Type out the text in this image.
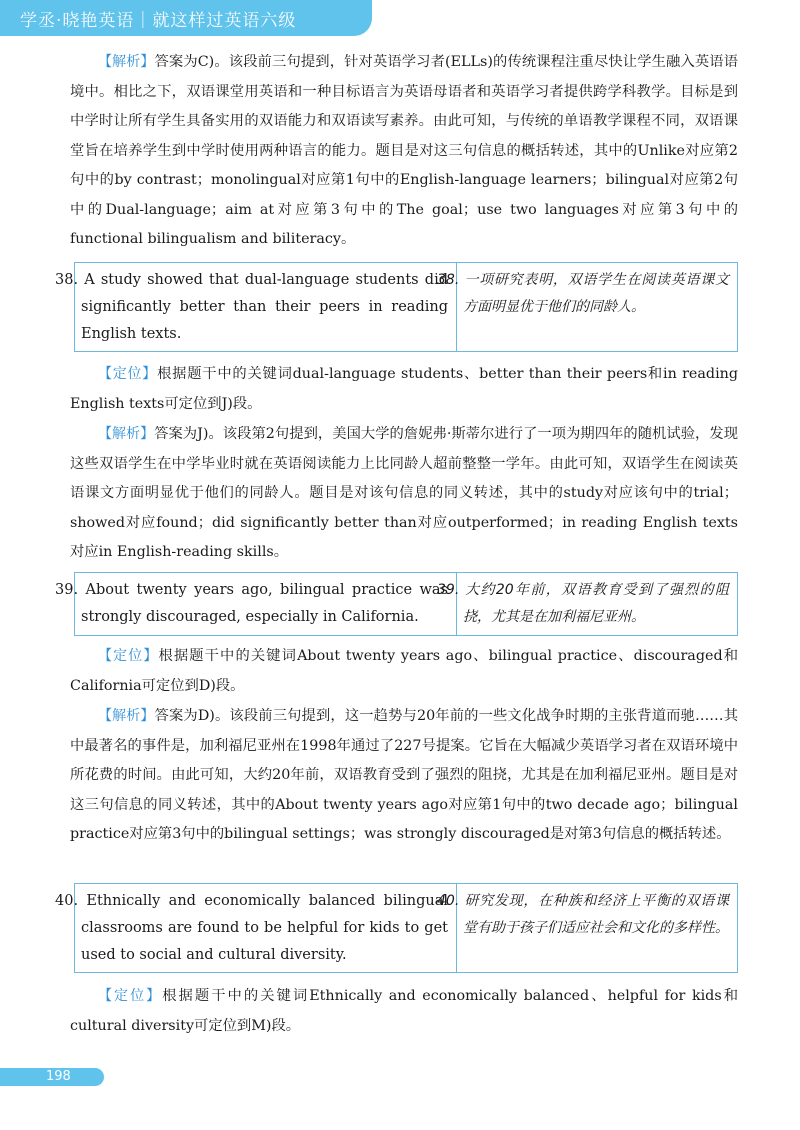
学丞·晓艳英语｜就这样过英语六级

【解析】答案为C)。该段前三句提到，针对英语学习者(ELLs)的传统课程注重尽快让学生融入英语语境中。相比之下，双语课堂用英语和一种目标语言为英语母语者和英语学习者提供跨学科教学。目标是到中学时让所有学生具备实用的双语能力和双语读写素养。由此可知，与传统的单语教学课程不同，双语课堂旨在培养学生到中学时使用两种语言的能力。题目是对这三句信息的概括转述，其中的Unlike对应第2句中的by contrast；monolingual对应第1句中的English-language learners；bilingual对应第2句中的Dual-language；aim at对应第3句中的The goal；use two languages对应第3句中的functional bilingualism and biliteracy。

38. A study showed that dual-language students did significantly better than their peers in reading English texts.
38. 一项研究表明，双语学生在阅读英语课文方面明显优于他们的同龄人。

【定位】根据题干中的关键词dual-language students、better than their peers和in reading English texts可定位到J)段。

【解析】答案为J)。该段第2句提到，美国大学的詹妮弗·斯蒂尔进行了一项为期四年的随机试验，发现这些双语学生在中学毕业时就在英语阅读能力上比同龄人超前整整一学年。由此可知，双语学生在阅读英语课文方面明显优于他们的同龄人。题目是对该句信息的同义转述，其中的study对应该句中的trial；showed对应found；did significantly better than对应outperformed；in reading English texts对应in English-reading skills。

39. About twenty years ago, bilingual practice was strongly discouraged, especially in California.
39. 大约20年前，双语教育受到了强烈的阻挠，尤其是在加利福尼亚州。

【定位】根据题干中的关键词About twenty years ago、bilingual practice、discouraged和California可定位到D)段。

【解析】答案为D)。该段前三句提到，这一趋势与20年前的一些文化战争时期的主张背道而驰……其中最著名的事件是，加利福尼亚州在1998年通过了227号提案。它旨在大幅减少英语学习者在双语环境中所花费的时间。由此可知，大约20年前，双语教育受到了强烈的阻挠，尤其是在加利福尼亚州。题目是对这三句信息的同义转述，其中的About twenty years ago对应第1句中的two decade ago；bilingual practice对应第3句中的bilingual settings；was strongly discouraged是对第3句信息的概括转述。

40. Ethnically and economically balanced bilingual classrooms are found to be helpful for kids to get used to social and cultural diversity.
40. 研究发现，在种族和经济上平衡的双语课堂有助于孩子们适应社会和文化的多样性。

【定位】根据题干中的关键词Ethnically and economically balanced、helpful for kids和cultural diversity可定位到M)段。

198
